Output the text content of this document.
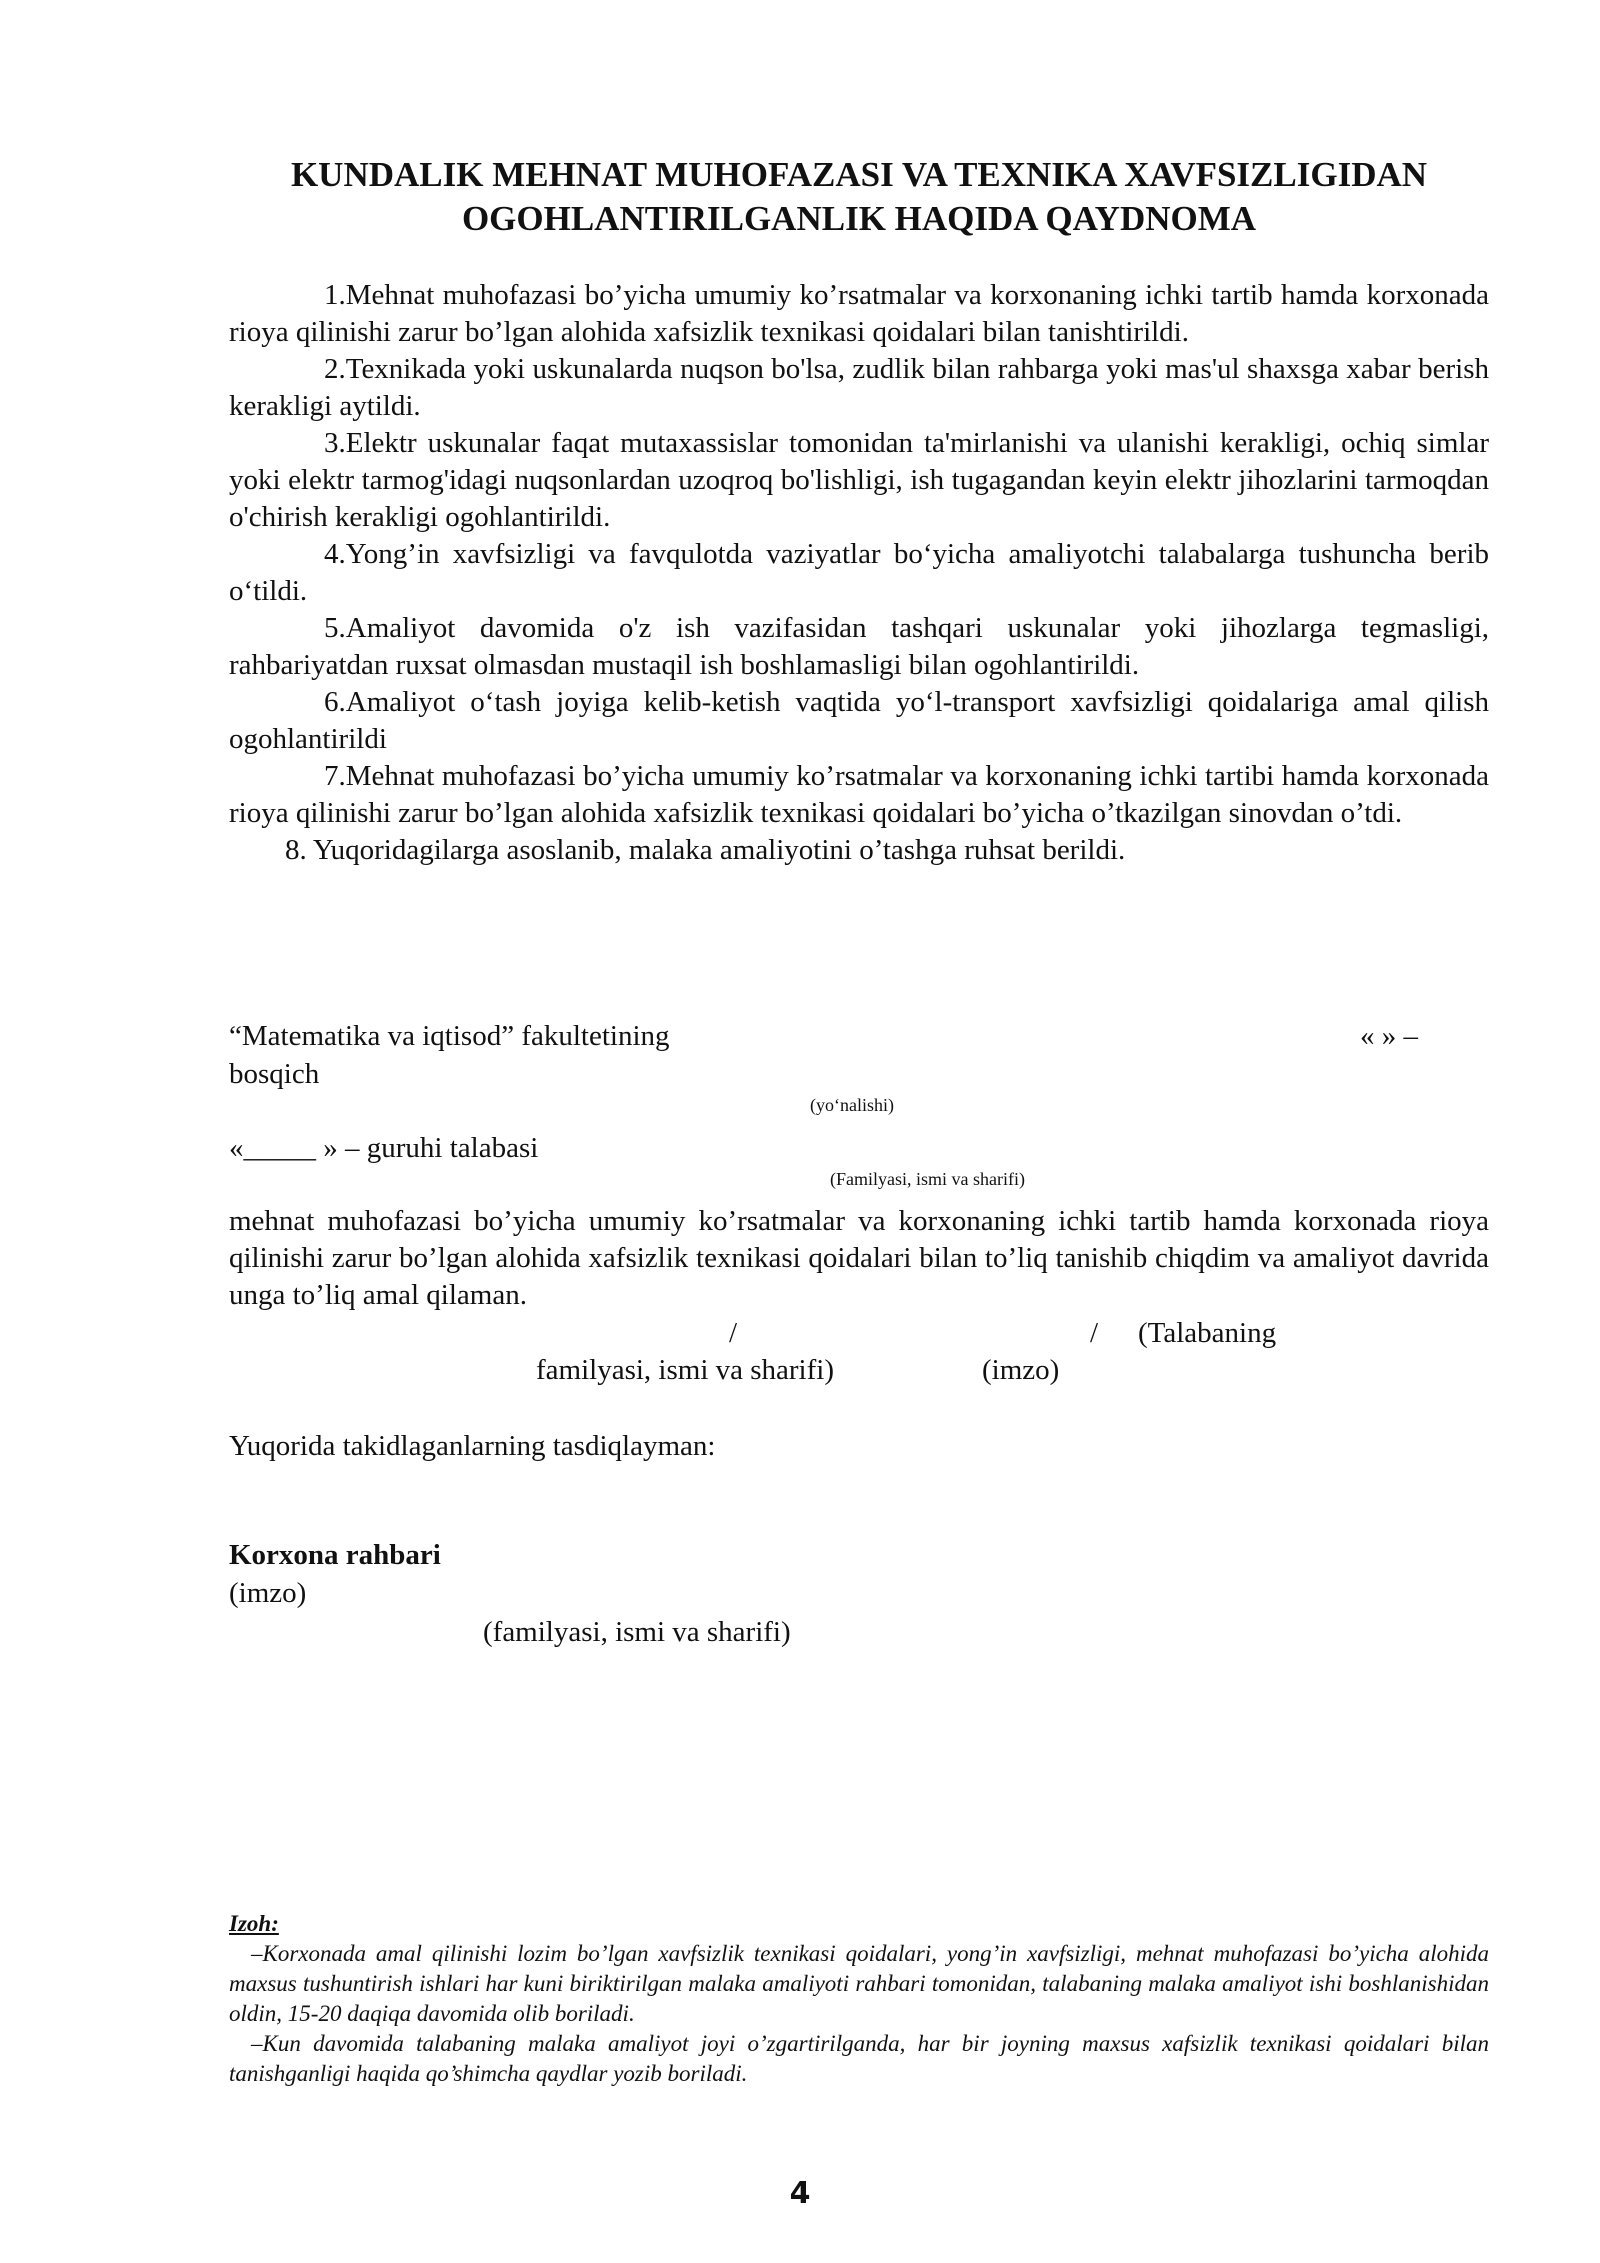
KUNDALIK MEHNAT MUHOFAZASI VA TEXNIKA XAVFSIZLIGIDAN
OGOHLANTIRILGANLIK HAQIDA QAYDNOMA

1.Mehnat muhofazasi bo’yicha umumiy ko’rsatmalar va korxonaning ichki tartib hamda korxonada rioya qilinishi zarur bo’lgan alohida xafsizlik texnikasi qoidalari bilan tanishtirildi.

2.Texnikada yoki uskunalarda nuqson bo'lsa, zudlik bilan rahbarga yoki mas'ul shaxsga xabar berish kerakligi aytildi.

3.Elektr uskunalar faqat mutaxassislar tomonidan ta'mirlanishi va ulanishi kerakligi, ochiq simlar yoki elektr tarmog'idagi nuqsonlardan uzoqroq bo'lishligi, ish tugagandan keyin elektr jihozlarini tarmoqdan o'chirish kerakligi ogohlantirildi.

4.Yong’in xavfsizligi va favqulotda vaziyatlar bo‘yicha amaliyotchi talabalarga tushuncha berib o‘tildi.

5.Amaliyot davomida o'z ish vazifasidan tashqari uskunalar yoki jihozlarga tegmasligi, rahbariyatdan ruxsat olmasdan mustaqil ish boshlamasligi bilan ogohlantirildi.

6.Amaliyot o‘tash joyiga kelib-ketish vaqtida yo‘l-transport xavfsizligi qoidalariga amal qilish ogohlantirildi

7.Mehnat muhofazasi bo’yicha umumiy ko’rsatmalar va korxonaning ichki tartibi hamda korxonada rioya qilinishi zarur bo’lgan alohida xafsizlik texnikasi qoidalari bo’yicha o’tkazilgan sinovdan o’tdi.

8. Yuqoridagilarga asoslanib, malaka amaliyotini o’tashga ruhsat berildi.

“Matematika va iqtisod” fakultetining	« » –
bosqich
(yo‘nalishi)
«_____ » – guruhi talabasi
(Familyasi, ismi va sharifi)

mehnat muhofazasi bo’yicha umumiy ko’rsatmalar va korxonaning ichki tartib hamda korxonada rioya qilinishi zarur bo’lgan alohida xafsizlik texnikasi qoidalari bilan to’liq tanishib chiqdim va amaliyot davrida unga to’liq amal qilaman.

/	/ (Talabaning
familyasi, ismi va sharifi)	(imzo)
Yuqorida takidlaganlarning tasdiqlayman:
Korxona rahbari
(imzo)
(familyasi, ismi va sharifi)

Izoh:

–Korxonada amal qilinishi lozim bo’lgan xavfsizlik texnikasi qoidalari, yong’in xavfsizligi, mehnat muhofazasi bo’yicha alohida maxsus tushuntirish ishlari har kuni biriktirilgan malaka amaliyoti rahbari tomonidan, talabaning malaka amaliyot ishi boshlanishidan oldin, 15-20 daqiqa davomida olib boriladi.

–Kun davomida talabaning malaka amaliyot joyi o’zgartirilganda, har bir joyning maxsus xafsizlik texnikasi qoidalari bilan tanishganligi haqida qo’shimcha qaydlar yozib boriladi.

4
